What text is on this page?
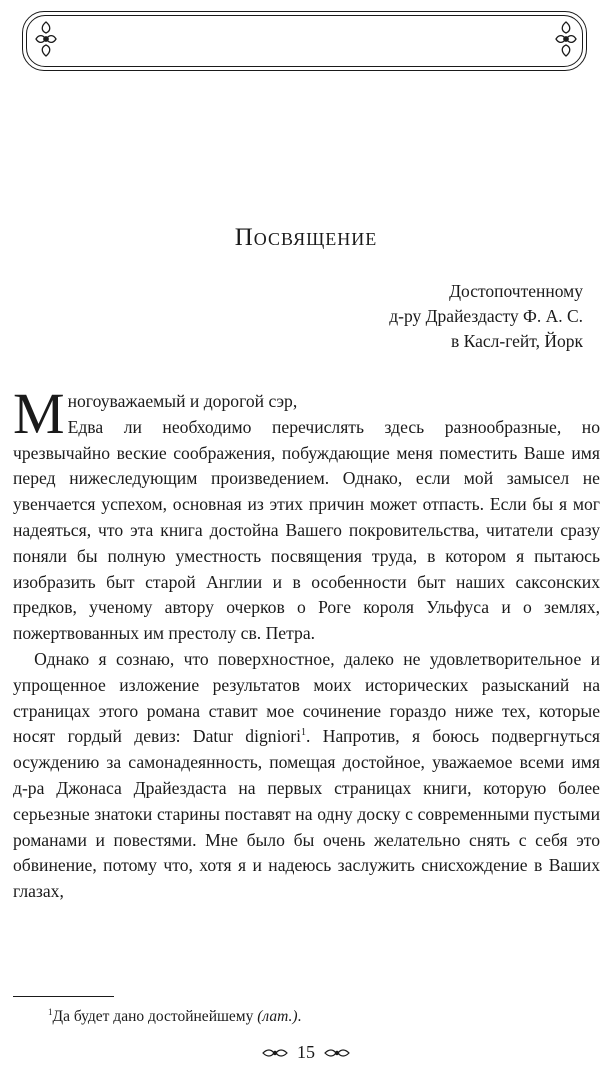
Посвящение
Достопочтенному
д-ру Драйездасту Ф. А. С.
в Касл-гейт, Йорк

Многоуважаемый и дорогой сэр,
Едва ли необходимо перечислять здесь разнообразные, но чрезвычайно веские соображения, побуждающие меня поместить Ваше имя перед нижеследующим произведением. Однако, если мой замысел не увенчается успехом, основная из этих причин может отпасть. Если бы я мог надеяться, что эта книга достойна Вашего покровительства, читатели сразу поняли бы полную уместность посвящения труда, в котором я пытаюсь изобразить быт старой Англии и в особенности быт наших саксонских предков, ученому автору очерков о Роге короля Ульфуса и о землях, пожертвованных им престолу св. Петра.

Однако я сознаю, что поверхностное, далеко не удовлетворительное и упрощенное изложение результатов моих исторических разысканий на страницах этого романа ставит мое сочинение гораздо ниже тех, которые носят гордый девиз: Datur digniori$^1$. Напротив, я боюсь подвергнуться осуждению за самонадеянность, помещая достойное, уважаемое всеми имя д-ра Джонаса Драйездаста на первых страницах книги, которую более серьезные знатоки старины поставят на одну доску с современными пустыми романами и повестями. Мне было бы очень желательно снять с себя это обвинение, потому что, хотя я и надеюсь заслужить снисхождение в Ваших глазах,

$^1$Да будет дано достойнейшему (лат.).
15
